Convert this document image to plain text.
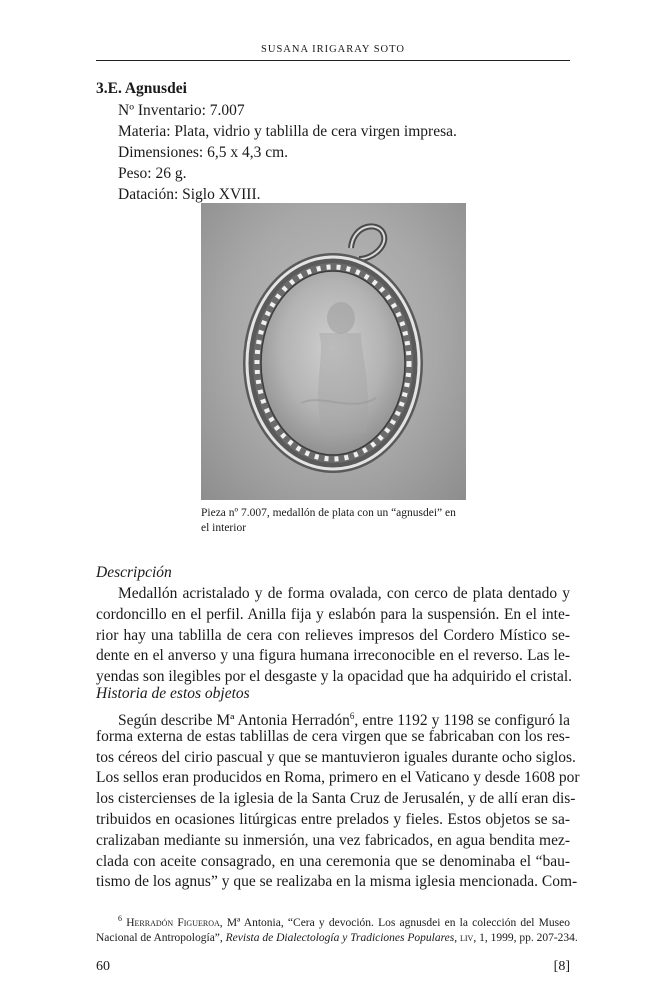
SUSANA IRIGARAY SOTO
3.E. Agnusdei
Nº Inventario: 7.007
Materia: Plata, vidrio y tablilla de cera virgen impresa.
Dimensiones: 6,5 x 4,3 cm.
Peso: 26 g.
Datación: Siglo XVIII.
Pieza nº 7.007, medallón de plata con un “agnusdei” en
el interior
Descripción
Medallón acristalado y de forma ovalada, con cerco de plata dentado y
cordoncillo en el perfil. Anilla fija y eslabón para la suspensión. En el inte-
rior hay una tablilla de cera con relieves impresos del Cordero Místico se-
dente en el anverso y una figura humana irreconocible en el reverso. Las le-
yendas son ilegibles por el desgaste y la opacidad que ha adquirido el cristal.
Historia de estos objetos
Según describe Mª Antonia Herradón$^6$, entre 1192 y 1198 se configuró la
forma externa de estas tablillas de cera virgen que se fabricaban con los res-
tos céreos del cirio pascual y que se mantuvieron iguales durante ocho siglos.
Los sellos eran producidos en Roma, primero en el Vaticano y desde 1608 por
los cistercienses de la iglesia de la Santa Cruz de Jerusalén, y de allí eran dis-
tribuidos en ocasiones litúrgicas entre prelados y fieles. Estos objetos se sa-
cralizaban mediante su inmersión, una vez fabricados, en agua bendita mez-
clada con aceite consagrado, en una ceremonia que se denominaba el “bau-
tismo de los agnus” y que se realizaba en la misma iglesia mencionada. Com-
$^6$ Herradón Figueroa, Mª Antonia, “Cera y devoción. Los agnusdei en la colección del Museo
Nacional de Antropología”, Revista de Dialectología y Tradiciones Populares, liv, 1, 1999, pp. 207-234.
60	[8]
